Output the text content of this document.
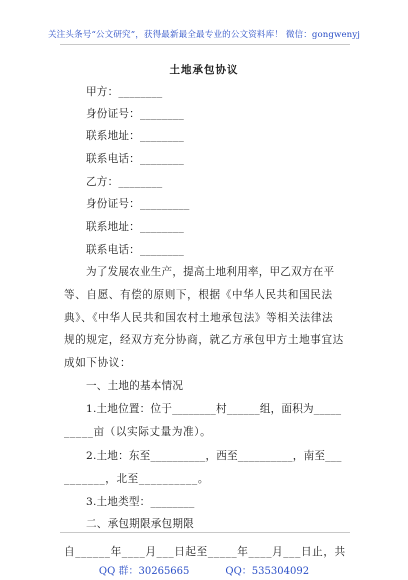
关注头条号“公文研究”，获得最新最全最专业的公文资料库！ 微信：gongwenyj
土地承包协议
甲方：________
身份证号：________
联系地址：________
联系电话：________
乙方：________
身份证号：_________
联系地址：________
联系电话：________
为了发展农业生产，提高土地利用率，甲乙双方在平
等、自愿、有偿的原则下，根据《中华人民共和国民法
典》、《中华人民共和国农村土地承包法》等相关法律法
规的规定，经双方充分协商，就乙方承包甲方土地事宜达
成如下协议：
一、土地的基本情况
1.土地位置：位于________村______组，面积为_____
_____亩（以实际丈量为准）。
2.土地：东至__________，西至__________，南至___
_______，北至__________。
3.土地类型：________
二、承包期限承包期限
自______年____月___日起至_____年____月___日止，共
QQ 群：30265665	QQ：535304092
